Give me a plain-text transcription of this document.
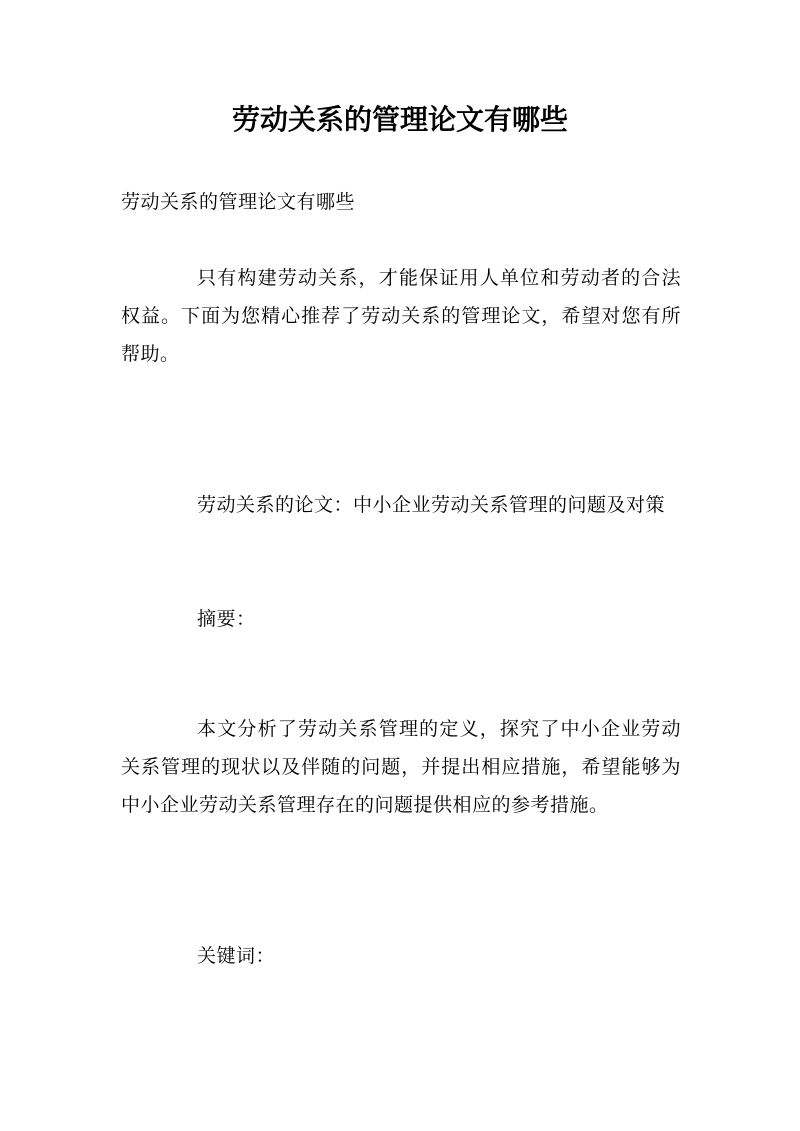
劳动关系的管理论文有哪些

劳动关系的管理论文有哪些

只有构建劳动关系，才能保证用人单位和劳动者的合法权益。下面为您精心推荐了劳动关系的管理论文，希望对您有所帮助。

劳动关系的论文：中小企业劳动关系管理的问题及对策

摘要：

本文分析了劳动关系管理的定义，探究了中小企业劳动关系管理的现状以及伴随的问题，并提出相应措施，希望能够为中小企业劳动关系管理存在的问题提供相应的参考措施。

关键词：
